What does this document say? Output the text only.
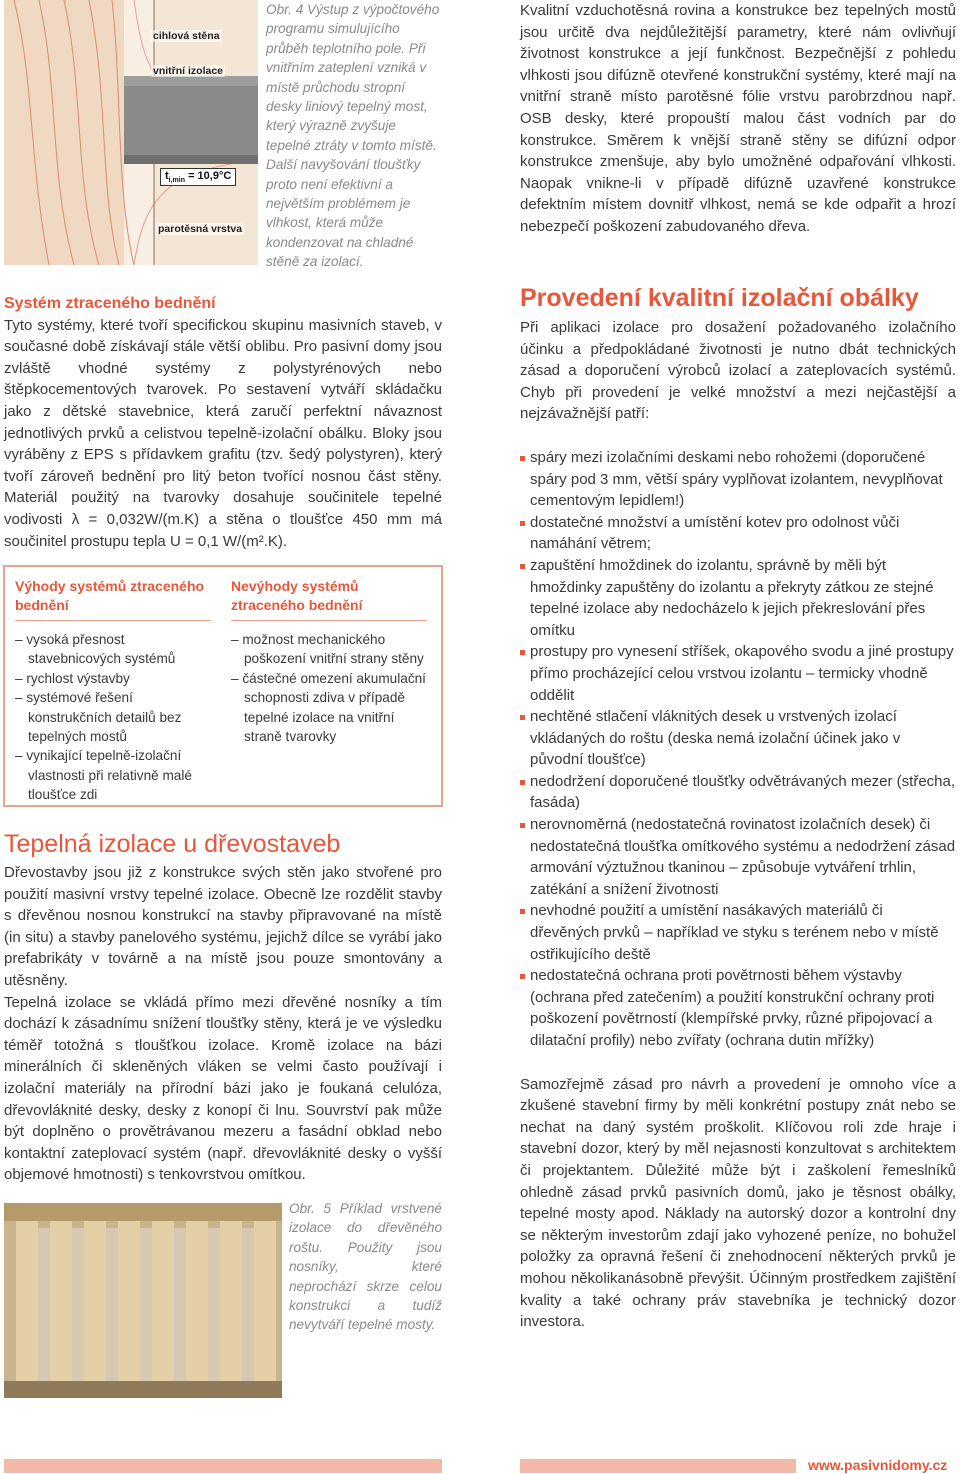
cihlová stěna
vnitřní izolace
$t_{i,min} = 10,9^\circ C$
parotěsná vrstva

Obr. 4 Výstup z výpočtového programu simulujícího průběh teplotního pole. Při vnitřním zateplení vzniká v místě průchodu stropní desky liniový tepelný most, který výrazně zvyšuje tepelné ztráty v tomto místě. Další navyšování tloušťky proto není efektivní a největším problémem je vlhkost, která může kondenzovat na chladné stěně za izolací.

Kvalitní vzduchotěsná rovina a konstrukce bez tepelných mostů jsou určitě dva nejdůležitější parametry, které nám ovlivňují životnost konstrukce a její funkčnost. Bezpečnější z pohledu vlhkosti jsou difúzně otevřené konstrukční systémy, které mají na vnitřní straně místo parotěsné fólie vrstvu parobrzdnou např. OSB desky, které propouští malou část vodních par do konstrukce. Směrem k vnější straně stěny se difúzní odpor konstrukce zmenšuje, aby bylo umožněné odpařování vlhkosti. Naopak vnikne-li v případě difúzně uzavřené konstrukce defektním místem dovnitř vlhkost, nemá se kde odpařit a hrozí nebezpečí poškození zabudovaného dřeva.

Systém ztraceného bednění

Tyto systémy, které tvoří specifickou skupinu masivních staveb, v současné době získávají stále větší oblibu. Pro pasivní domy jsou zvláště vhodné systémy z polystyrénových nebo štěpkocementových tvarovek. Po sestavení vytváří skládačku jako z dětské stavebnice, která zaručí perfektní návaznost jednotlivých prvků a celistvou tepelně-izolační obálku. Bloky jsou vyráběny z EPS s přídavkem grafitu (tzv. šedý polystyren), který tvoří zároveň bednění pro litý beton tvořící nosnou část stěny. Materiál použitý na tvarovky dosahuje součinitele tepelné vodivosti λ = 0,032W/(m.K) a stěna o tloušťce 450 mm má součinitel prostupu tepla U = 0,1 W/(m².K).

Výhody systémů ztraceného bednění
– vysoká přesnost stavebnicových systémů
– rychlost výstavby
– systémové řešení konstrukčních detailů bez tepelných mostů
– vynikající tepelně-izolační vlastnosti při relativně malé tloušťce zdi
Nevýhody systémů ztraceného bednění
– možnost mechanického poškození vnitřní strany stěny
– částečné omezení akumulační schopnosti zdiva v případě tepelné izolace na vnitřní straně tvarovky
Tepelná izolace u dřevostaveb

Dřevostavby jsou již z konstrukce svých stěn jako stvořené pro použití masivní vrstvy tepelné izolace. Obecně lze rozdělit stavby s dřevěnou nosnou konstrukcí na stavby připravované na místě (in situ) a stavby panelového systému, jejichž dílce se vyrábí jako prefabrikáty v továrně a na místě jsou pouze smontovány a utěsněny.

Tepelná izolace se vkládá přímo mezi dřevěné nosníky a tím dochází k zásadnímu snížení tloušťky stěny, která je ve výsledku téměř totožná s tloušťkou izolace. Kromě izolace na bázi minerálních či skleněných vláken se velmi často používají i izolační materiály na přírodní bázi jako je foukaná celulóza, dřevovláknité desky, desky z konopí či lnu. Souvrství pak může být doplněno o provětrávanou mezeru a fasádní obklad nebo kontaktní zateplovací systém (např. dřevovláknité desky o vyšší objemové hmotnosti) s tenkovrstvou omítkou.

Obr. 5 Příklad vrstvené izolace do dřevěného roštu. Použity jsou nosníky, které neprochází skrze celou konstrukci a tudíž nevytváří tepelné mosty.

Provedení kvalitní izolační obálky

Při aplikaci izolace pro dosažení požadovaného izolačního účinku a předpokládané životnosti je nutno dbát technických zásad a doporučení výrobců izolací a zateplovacích systémů. Chyb při provedení je velké množství a mezi nejčastější a nejzávažnější patří:

spáry mezi izolačními deskami nebo rohožemi (doporučené spáry pod 3 mm, větší spáry vyplňovat izolantem, nevyplňovat cementovým lepidlem!)
dostatečné množství a umístění kotev pro odolnost vůči namáhání větrem;
zapuštění hmoždinek do izolantu, správně by měli být hmoždinky zapuštěny do izolantu a překryty zátkou ze stejné tepelné izolace aby nedocházelo k jejich překreslování přes omítku
prostupy pro vynesení stříšek, okapového svodu a jiné prostupy přímo procházející celou vrstvou izolantu – termicky vhodně oddělit
nechtěné stlačení vláknitých desek u vrstvených izolací vkládaných do roštu (deska nemá izolační účinek jako v původní tloušťce)
nedodržení doporučené tloušťky odvětrávaných mezer (střecha, fasáda)
nerovnoměrná (nedostatečná rovinatost izolačních desek) či nedostatečná tloušťka omítkového systému a nedodržení zásad armování výztužnou tkaninou – způsobuje vytváření trhlin, zatékání a snížení životnosti
nevhodné použití a umístění nasákavých materiálů či dřevěných prvků – například ve styku s terénem nebo v místě ostřikujícího deště
nedostatečná ochrana proti povětrnosti během výstavby (ochrana před zatečením) a použití konstrukční ochrany proti poškození povětrností (klempířské prvky, různé připojovací a dilatační profily) nebo zvířaty (ochrana dutin mřížky)

Samozřejmě zásad pro návrh a provedení je omnoho více a zkušené stavební firmy by měli konkrétní postupy znát nebo se nechat na daný systém proškolit. Klíčovou roli zde hraje i stavební dozor, který by měl nejasnosti konzultovat s architektem či projektantem. Důležité může být i zaškolení řemeslníků ohledně zásad prvků pasivních domů, jako je těsnost obálky, tepelné mosty apod. Náklady na autorský dozor a kontrolní dny se některým investorům zdají jako vyhozené peníze, no bohužel položky za opravná řešení či znehodnocení některých prvků je mohou několikanásobně převýšit. Účinným prostředkem zajištění kvality a také ochrany práv stavebníka je technický dozor investora.

www.pasivnidomy.cz
